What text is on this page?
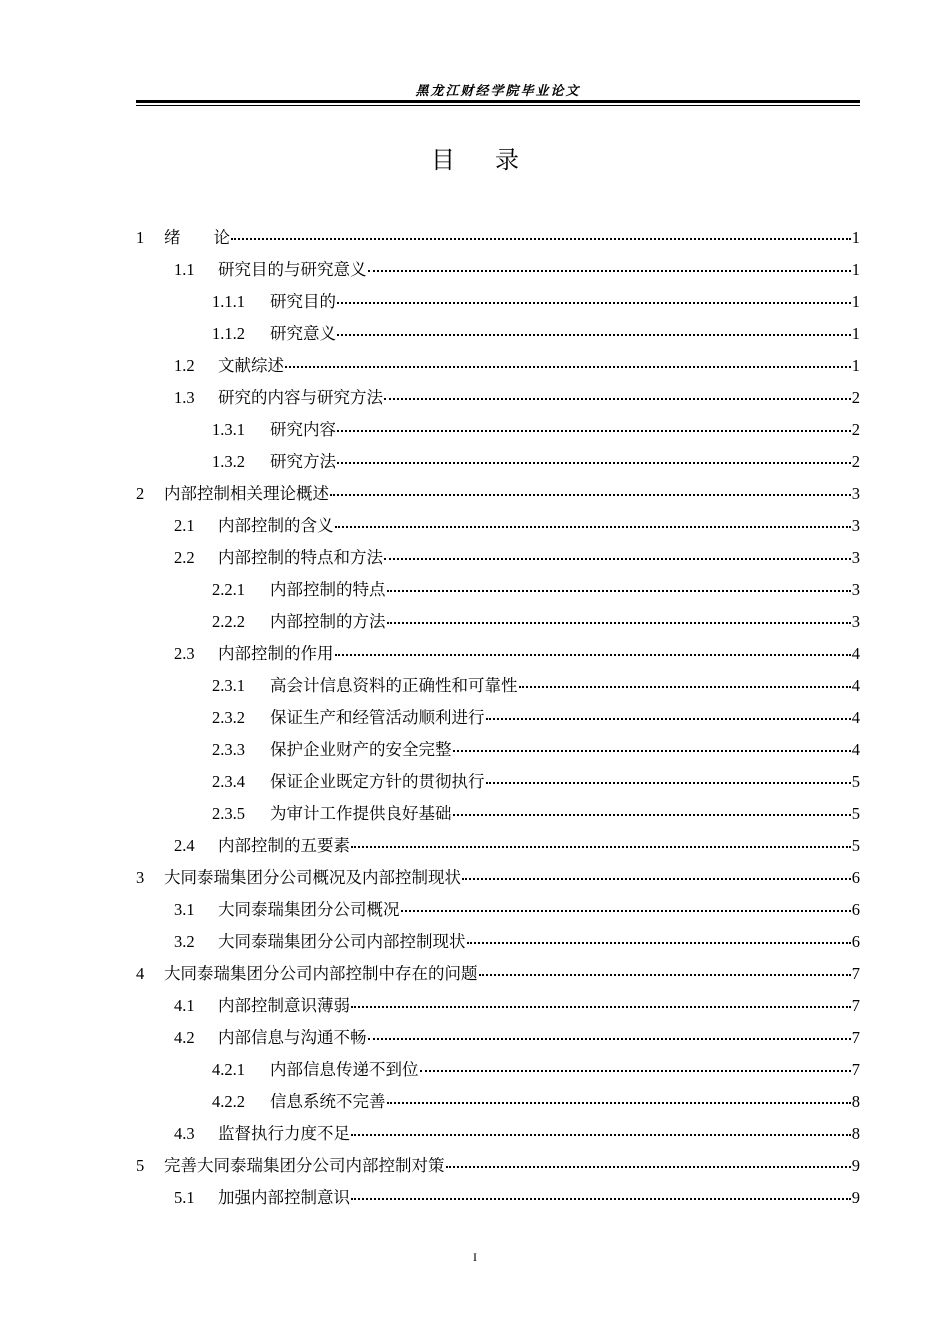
黑龙江财经学院毕业论文
目录
1	绪　　论	1
1.1	研究目的与研究意义	1
1.1.1	研究目的	1
1.1.2	研究意义	1
1.2	文献综述	1
1.3	研究的内容与研究方法	2
1.3.1	研究内容	2
1.3.2	研究方法	2
2	内部控制相关理论概述	3
2.1	内部控制的含义	3
2.2	内部控制的特点和方法	3
2.2.1	内部控制的特点	3
2.2.2	内部控制的方法	3
2.3	内部控制的作用	4
2.3.1	高会计信息资料的正确性和可靠性	4
2.3.2	保证生产和经管活动顺利进行	4
2.3.3	保护企业财产的安全完整	4
2.3.4	保证企业既定方针的贯彻执行	5
2.3.5	为审计工作提供良好基础	5
2.4	内部控制的五要素	5
3	大同泰瑞集团分公司概况及内部控制现状	6
3.1	大同泰瑞集团分公司概况	6
3.2	大同泰瑞集团分公司内部控制现状	6
4	大同泰瑞集团分公司内部控制中存在的问题	7
4.1	内部控制意识薄弱	7
4.2	内部信息与沟通不畅	7
4.2.1	内部信息传递不到位	7
4.2.2	信息系统不完善	8
4.3	监督执行力度不足	8
5	完善大同泰瑞集团分公司内部控制对策	9
5.1	加强内部控制意识	9
I
